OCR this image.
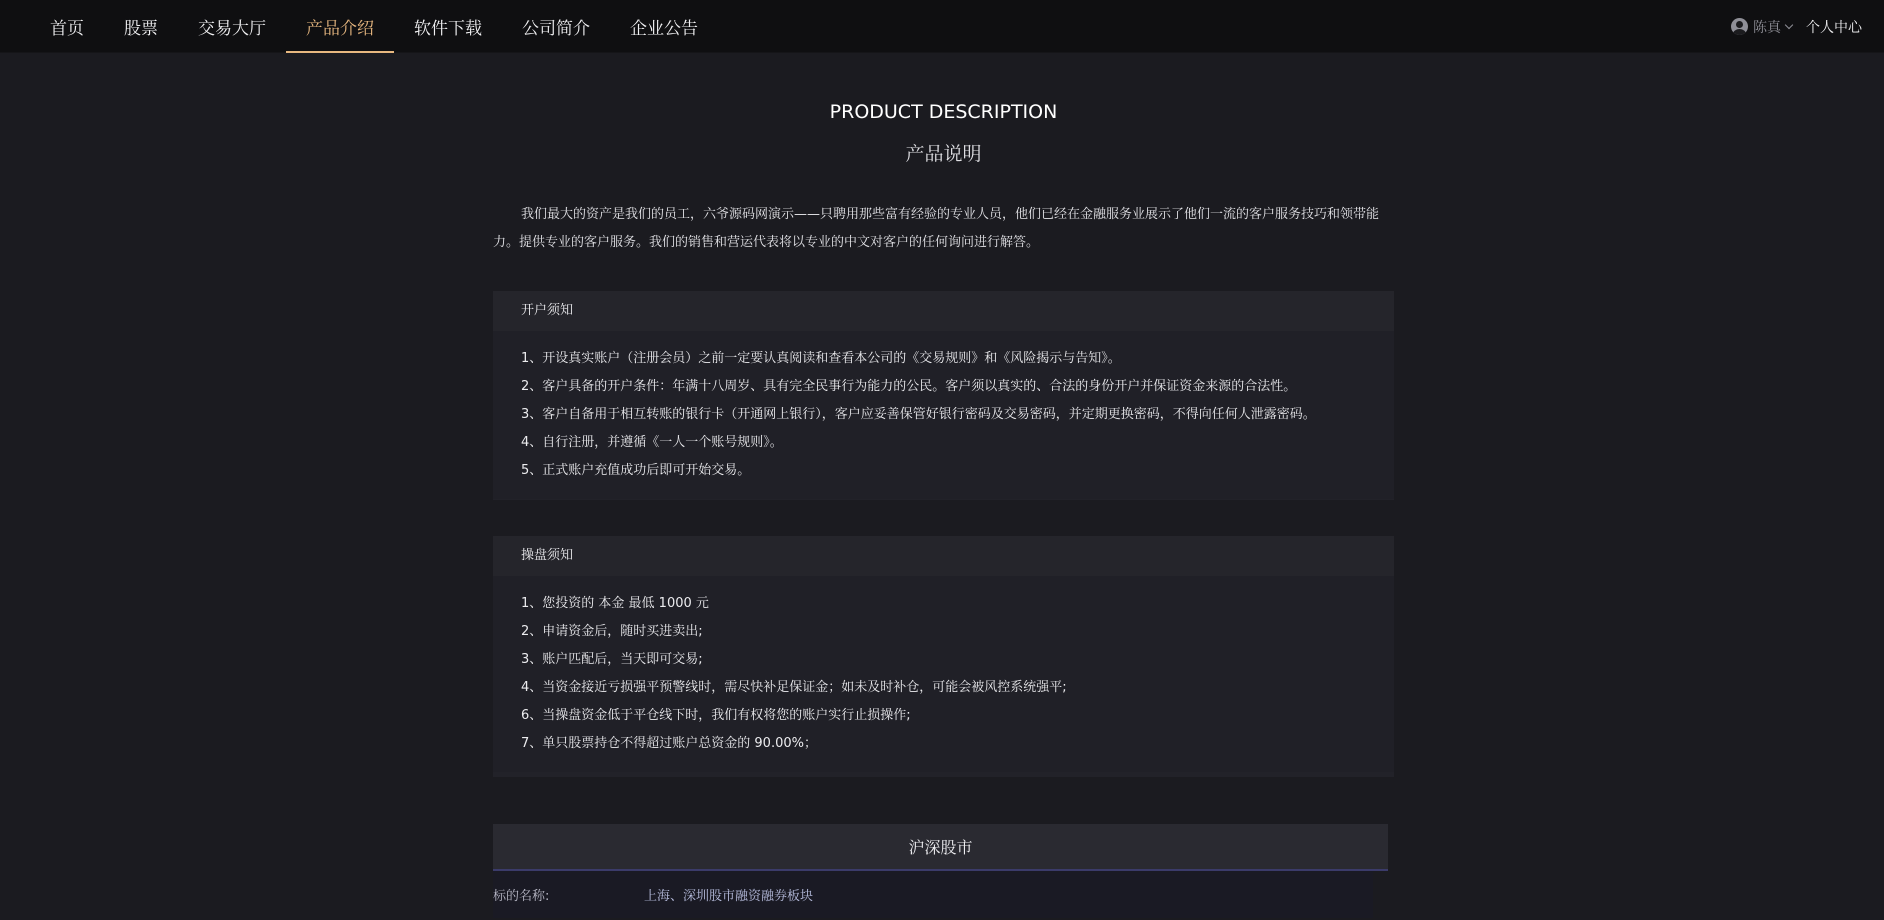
首页	股票	交易大厅	产品介绍	软件下载	公司简介	企业公告	陈真 个人中心
PRODUCT DESCRIPTION
产品说明
我们最大的资产是我们的员工，六爷源码网演示——只聘用那些富有经验的专业人员，他们已经在金融服务业展示了他们一流的客户服务技巧和领带能力。提供专业的客户服务。我们的销售和营运代表将以专业的中文对客户的任何询问进行解答。
开户须知
1、开设真实账户（注册会员）之前一定要认真阅读和查看本公司的《交易规则》和《风险揭示与告知》。
2、客户具备的开户条件：年满十八周岁、具有完全民事行为能力的公民。客户须以真实的、合法的身份开户并保证资金来源的合法性。
3、客户自备用于相互转账的银行卡（开通网上银行），客户应妥善保管好银行密码及交易密码，并定期更换密码，不得向任何人泄露密码。
4、自行注册，并遵循《一人一个账号规则》。
5、正式账户充值成功后即可开始交易。
操盘须知
1、您投资的 本金 最低 1000 元
2、申请资金后，随时买进卖出;
3、账户匹配后，当天即可交易;
4、当资金接近亏损强平预警线时，需尽快补足保证金；如未及时补仓，可能会被风控系统强平;
6、当操盘资金低于平仓线下时，我们有权将您的账户实行止损操作;
7、单只股票持仓不得超过账户总资金的 90.00%；
沪深股市
标的名称:	上海、深圳股市融资融券板块
